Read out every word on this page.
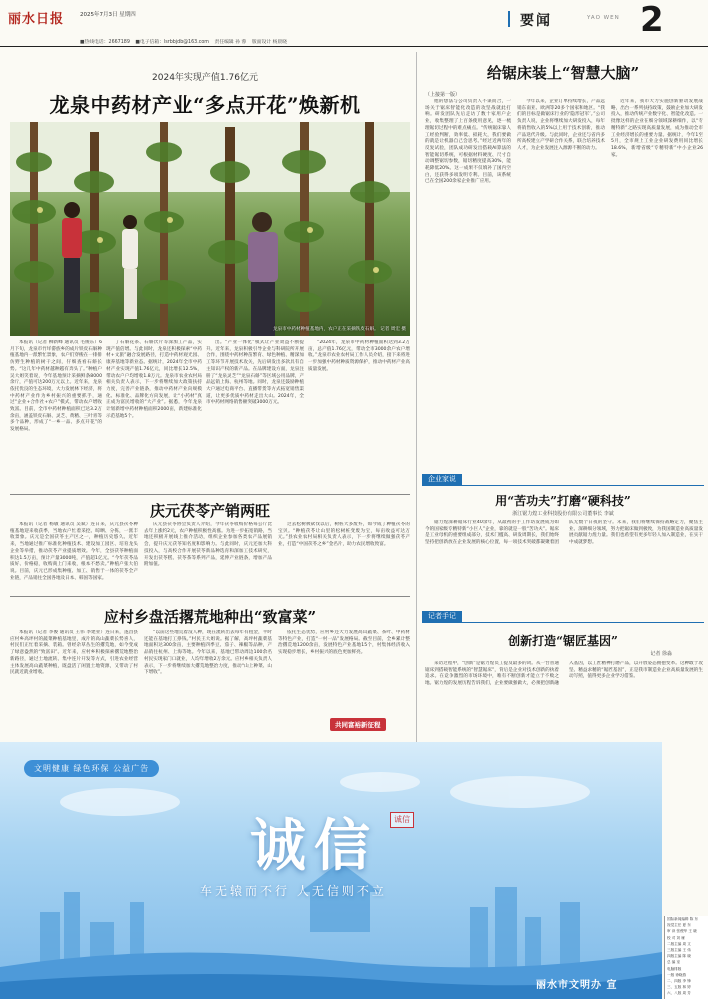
丽水日报	2025年7月3日 星期四	要闻	YAO WEN 2
■热线电话：2667189 ■电子信箱：lsrbbjdb@163.com 责任编辑 孙 蓉 版面设计 杨晨晓
2024年实现产值1.76亿元
龙泉中药材产业“多点开花”焕新机
龙泉市中药材种植基地内，农户正在采摘铁皮石斛。 记者 周宏 摄

本报讯（记者 柳新峰 通讯员 毛俊东）6月下旬，龙泉市竹垟畲族乡的成片铁皮石斛种植基地内一派繁忙景象，农户们穿梭在一排排仿野生种植的树干之间，仔细查看石斛长势。“这几年中药材越种越有奔头了。”种植户吴大姐笑着说，今年基地预计采摘鲜条8000余斤，产值可达200万元以上。近年来，龙泉依托优良的生态环境，大力发展林下经济，将中药材产业作为乡村振兴的重要抓手，通过“企业+合作社+农户”模式，带动农户增收致富。目前，全市中药材种植面积已达3.2万余亩，涵盖铁皮石斛、灵芝、黄精、三叶青等多个品种，形成了“一乡一品、多点开花”的发展格局。

了石斛花茶、石斛饮片等深加工产品，实现产值倍增。与此同时，龙泉还积极探索“中药材+文旅”融合发展路径，打造中药材观光园、康养基地等新业态。据统计，2024年全市中药材产业实现产值1.76亿元，同比增长12.5%，带动农户户均增收1.8万元。龙泉市农业农村局相关负责人表示，下一步将继续加大政策扶持力度，完善产业链条，推动中药材产业向规模化、标准化、品牌化方向发展，让“小药材”真正成为富民增收的“大产业”。据悉，今年龙泉计划新增中药材种植面积2000亩，新建标准化示范基地5个。

出。“产业一体化”模式让产业效益不断提升。近年来，龙泉积极引导企业与科研院所开展合作，围绕中药材种苗繁育、绿色种植、精深加工等环节开展技术攻关，先后研发出多款具有自主知识产权的新产品。在品牌建设方面，龙泉注册了“龙泉灵芝”“龙泉石斛”等区域公用品牌，产品远销上海、杭州等地。同时，龙泉还鼓励种植大户通过电商平台、直播带货等方式拓宽销售渠道，让更多优质中药材走出大山。2024年，全市中药材网络销售额突破3000万元。

“2024年，龙泉市中药材种植面积达到3.2万亩，总产值1.76亿元，带动全市3000余户农户增收。”龙泉市农业农村局工作人员介绍，接下来将进一步加强中药材种质资源保护，推动中药材产业高质量发展。

给锯床装上“智慧大脑”
（上接第一版）

他的想法与公司负责人不谋而合，一场关于锯床智能化改造的攻坚战就此打响。研发团队先后走访了数十家用户企业，收集整理了上百条使用意见，逐一梳理锯切过程中的难点痛点。“传统锯床靠人工经验判断，效率低、损耗大，我们要做的就是让机器自己会思考。”经过近两年的反复试验，团队成功研发出搭载AI算法的智能锯切系统，可根据材料硬度、尺寸自动调整锯切参数，锯切精度提高30%，能耗降低20%。这一成果不仅填补了国内空白，还获得多项发明专利。目前，该系统已在全国200余家企业推广应用。

今年以来，企业订单持续增长，产品远销东南亚、欧洲等20多个国家和地区。“我们的目标是做锯床行业的‘隐形冠军’。”公司负责人说，企业将继续加大研发投入，每年将销售收入的5%以上用于技术创新，推动产品迭代升级。与此同时，企业还与省内多所高校建立产学研合作关系，联合培养技术人才，为企业发展注入源源不断的动力。

近年来，我市大力实施创新驱动发展战略，出台一系列扶持政策，鼓励企业加大研发投入，推动传统产业数字化、智能化改造。一批像这样的企业在细分领域深耕细作，以“专精特新”之路实现高质量发展，成为推动全市工业经济增长的重要力量。据统计，今年1至5月，全市规上工业企业研发费用同比增长18.6%，新增省级“专精特新”中小企业26家。

企业家说
用“苦功夫”打磨“硬科技”
浙江锯力煌工业科技股份有限公司董事长 李斌

锯力煌深耕锯床行业40余年，从最初的手工作坊发展成为如今的国家级专精特新“小巨人”企业，靠的就是一股“苦功夫”。锯床是工业母机的重要组成部分，技术门槛高、研发周期长，我们始终坚持把创新放在企业发展的核心位置，每一项技术突破都凝聚着团队无数个日夜的坚守。未来，我们将继续保持战略定力，聚焦主业、深耕细分领域，努力把锯床做到极致，为我国制造业高质量发展贡献锯力煌力量。我们也希望有更多年轻人加入制造业，在实干中成就梦想。

记者手记
创新打造“锯匠基因”
记者 徐淼

采访过程中，“创新”是锯力煌员工提及最多的词。从一台普通锯床到搭载智能系统的“智慧锯床”，背后是企业对技术创新的执着追求。在竞争激烈的市场环境中，唯有不断创新才能立于不败之地。锯力煌的发展历程告诉我们，企业要做强做大，必须把创新融入基因，以工匠精神打磨产品，以开放姿态拥抱变革。这种敢于攻坚、精益求精的“锯匠基因”，正是我市制造业企业高质量发展的生动写照，值得更多企业学习借鉴。

庆元茯苓产销两旺

本报讯（记者 杨敏 通讯员 吴斌）连日来，庆元县茯苓种植基地迎来收获季，当地农户忙着采挖、晾晒、分拣，一派丰收景象。庆元是全国茯苓主产区之一，种植历史悠久。近年来，当地通过推广标准化种植技术、建设加工园区、培育龙头企业等举措，推动茯苓产业提质增效。今年，全县茯苓种植面积达1.5万亩，预计产量3000吨，产值超1亿元。“今年茯苓品质好、价格稳，收购商上门来收，根本不愁卖。”种植户张大伯说。目前，庆元已形成集种植、加工、销售于一体的茯苓全产业链，产品销往全国各地及日本、韩国等国家。

庆元县茯苓协会负责人介绍，今年茯苓收购价格每公斤比去年上涨约2元，农户种植积极性高涨。为进一步拓宽销路，当地还积极开展线上推介活动，组织企业参加各类农产品展销会，提升庆元茯苓知名度和影响力。与此同时，庆元还加大科技投入，与高校合作开展茯苓新品种选育和深加工技术研究，开发出茯苓糕、茯苓茶等系列产品，延伸产业链条，增加产品附加值。

过去松树被砍伐以后，树桩大多废弃，如今成了种植茯苓的宝贝。“种植茯苓让山里的松树桩变废为宝，每亩收益可达万元。”县农业农村局相关负责人表示，下一步将继续做强茯苓产业，打造“中国茯苓之乡”金名片，助力农民增收致富。

应村乡盘活撂荒地种出“致富菜”

本报讯（记者 李俊 通讯员 王伟 李建业）连日来，遂昌县应村乡高坪村的蔬菜种植基地里，成片的高山蔬菜长势喜人，村民们正忙着采摘、装箱。曾经杂草丛生的撂荒地，如今变成了绿意盎然的“致富田”。近年来，应村乡积极探索撂荒地整治新路径，通过土地流转、集中连片开发等方式，引进农业经营主体发展高山蔬菜种植，既盘活了闲置土地资源，又带动了村民就近就业增收。

“以前这些地荒着没人种，现在流转出去每年有租金，平时还能在基地打工挣钱。”村民王大姐说。据了解，高坪村蔬菜基地面积达300余亩，主要种植四季豆、茄子、辣椒等品种，产品销往杭州、上海等地。今年以来，基地已带动周边100余名村民实现家门口就业，人均年增收2万余元。应村乡相关负责人表示，下一步将继续加大撂荒地整治力度，推动“山上种菜、山下增收”。

依托生态优势，应村乡还大力发展高山蔬菜、茶叶、中药材等特色产业，打造“一村一品”发展格局。截至目前，全乡累计整治撂荒地1200余亩，发展特色产业基地15个，村集体经济收入实现稳步增长，乡村振兴的底色更加鲜亮。

共同富裕新征程
文明健康 绿色环保 公益广告
诚信	诚信
车无辕而不行 人无信则不立
丽水市文明办 宣
国际新闻编辑 陈 东
视觉主任 夏 东
审 读 张俊华 王 晓
校 对 刘 雁
二版主编 周 文
三版主编 王 伟
四版主编 陈 晓
总 编 室
电脑排版
一版 徐晓燕
二、四版 李 锋
三、五版 林 婷
六、八版 周 芳
